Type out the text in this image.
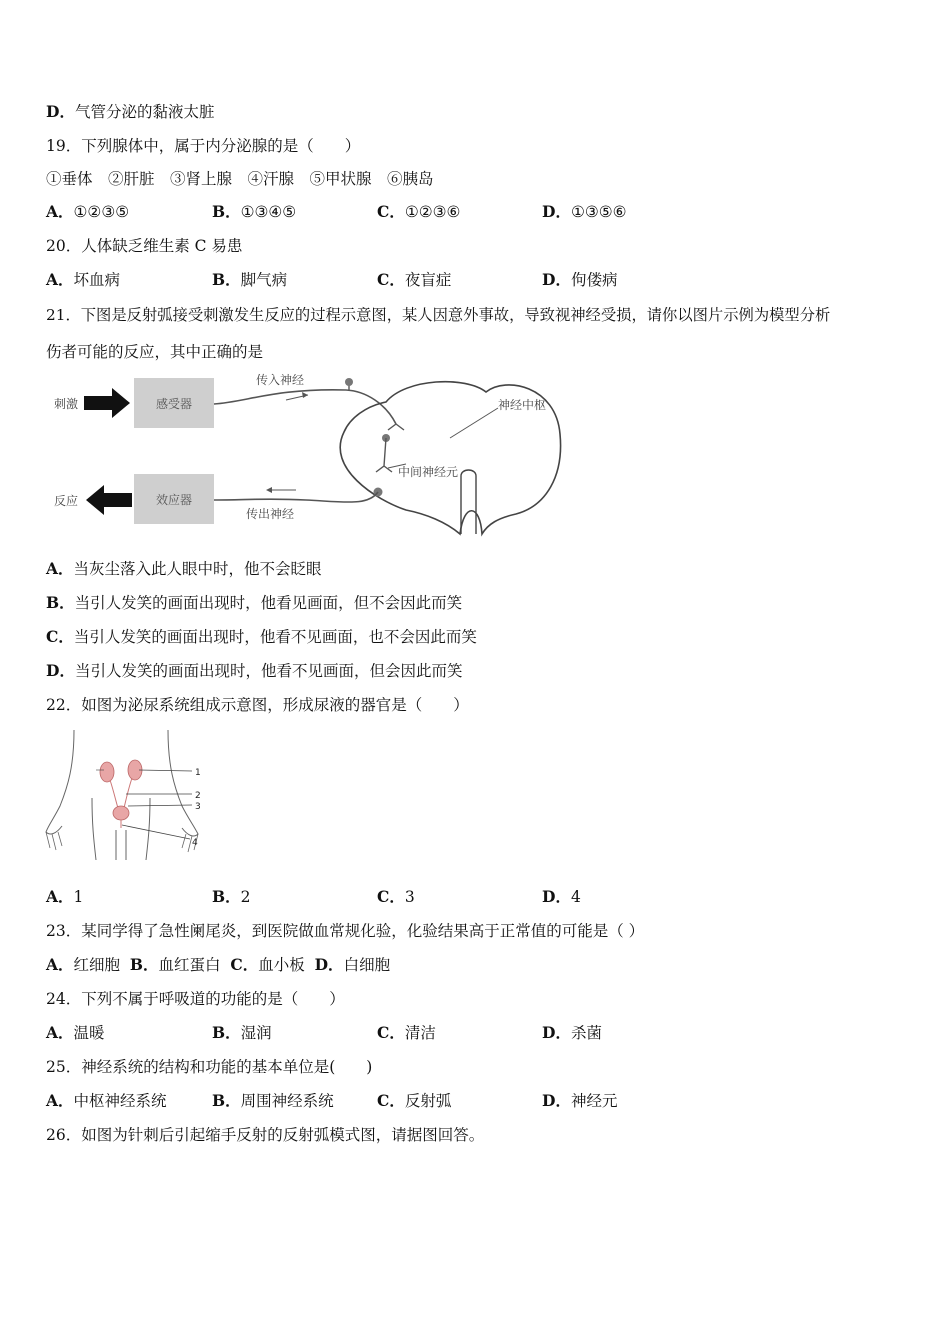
D．气管分泌的黏液太脏
19．下列腺体中，属于内分泌腺的是（　　）
①垂体　②肝脏　③肾上腺　④汗腺　⑤甲状腺　⑥胰岛
A．①②③⑤	B．①③④⑤	C．①②③⑥	D．①③⑤⑥
20．人体缺乏维生素 C 易患
A．坏血病	B．脚气病	C．夜盲症	D．佝偻病
21．下图是反射弧接受刺激发生反应的过程示意图，某人因意外事故，导致视神经受损，请你以图片示例为模型分析
伤者可能的反应，其中正确的是
刺激	感受器
传入神经
神经中枢
中间神经元
传出神经
效应器
反应
A．当灰尘落入此人眼中时，他不会眨眼
B．当引人发笑的画面出现时，他看见画面，但不会因此而笑
C．当引人发笑的画面出现时，他看不见画面，也不会因此而笑
D．当引人发笑的画面出现时，他看不见画面，但会因此而笑
22．如图为泌尿系统组成示意图，形成尿液的器官是（　　）
1
2
3
4
A．1	B．2	C．3	D．4
23．某同学得了急性阑尾炎，到医院做血常规化验，化验结果高于正常值的可能是（ ）
A．红细胞 B．血红蛋白 C．血小板 D．白细胞
24．下列不属于呼吸道的功能的是（　　）
A．温暖	B．湿润	C．清洁	D．杀菌
25．神经系统的结构和功能的基本单位是(　　)
A．中枢神经系统	B．周围神经系统	C．反射弧	D．神经元
26．如图为针刺后引起缩手反射的反射弧模式图，请据图回答。
